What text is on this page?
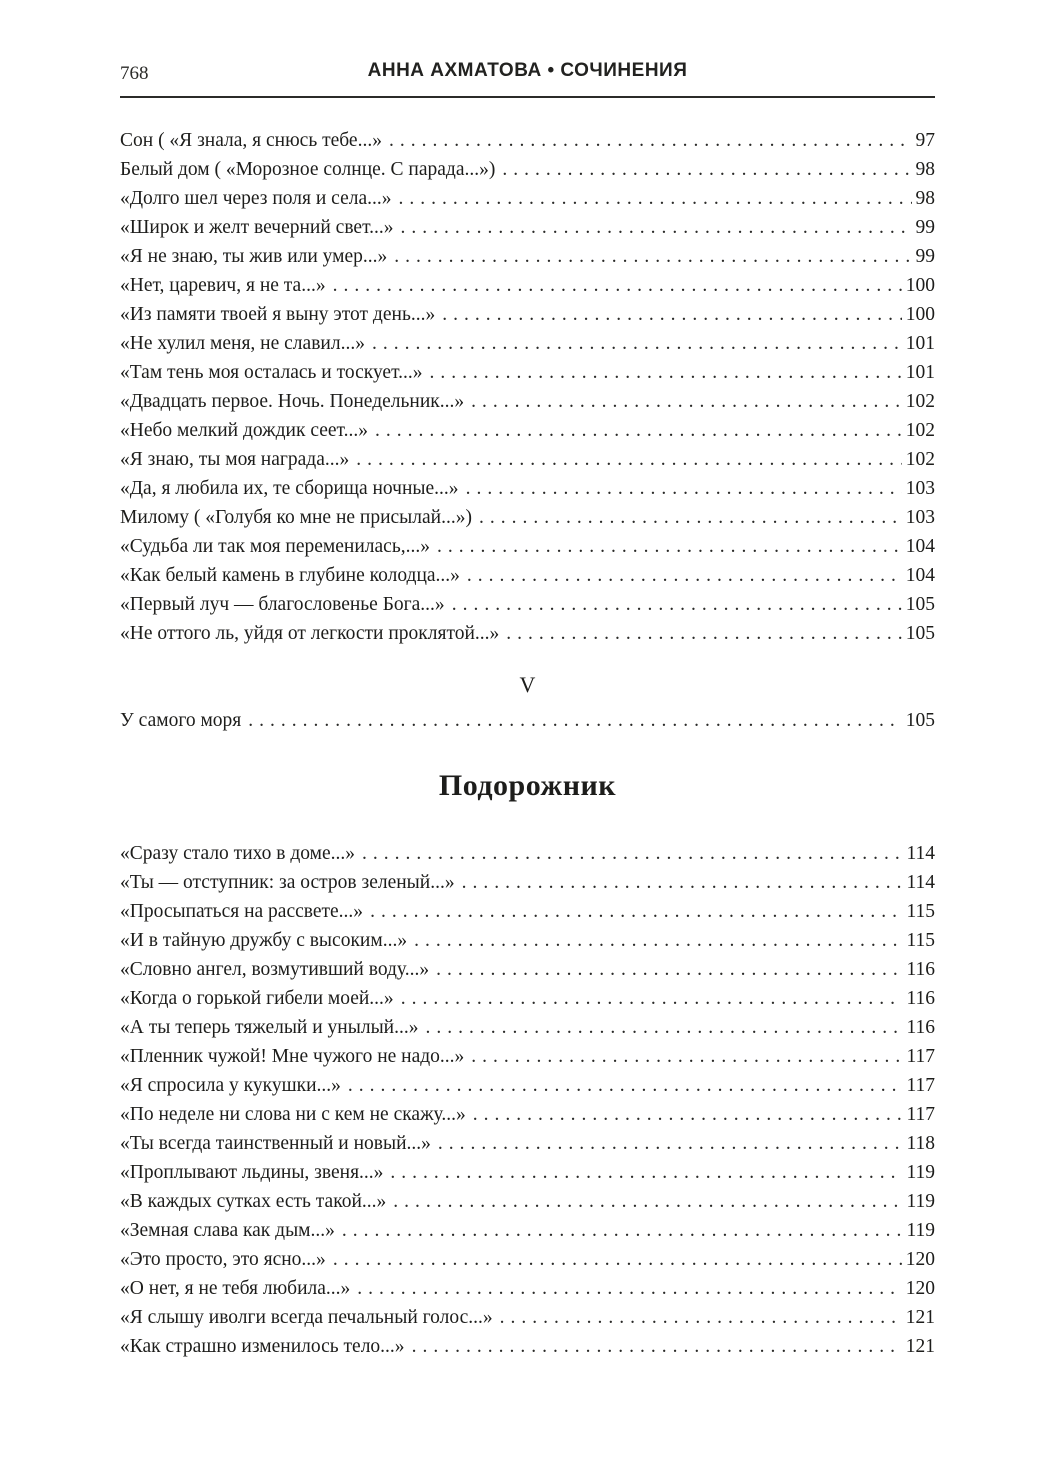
768	АННА АХМАТОВА • СОЧИНЕНИЯ
Сон ( «Я знала, я снюсь тебе...» .....	97
Белый дом ( «Морозное солнце. С парада...») .....	98
«Долго шел через поля и села...» .....	98
«Широк и желт вечерний свет...» .....	99
«Я не знаю, ты жив или умер...» .....	99
«Нет, царевич, я не та...» .....	100
«Из памяти твоей я выну этот день...» .....	100
«Не хулил меня, не славил...» .....	101
«Там тень моя осталась и тоскует...» .....	101
«Двадцать первое. Ночь. Понедельник...» .....	102
«Небо мелкий дождик сеет...» .....	102
«Я знаю, ты моя награда...» .....	102
«Да, я любила их, те сборища ночные...» .....	103
Милому ( «Голубя ко мне не присылай...») .....	103
«Судьба ли так моя переменилась,...» .....	104
«Как белый камень в глубине колодца...» .....	104
«Первый луч — благословенье Бога...» .....	105
«Не оттого ль, уйдя от легкости проклятой...» .....	105
V
У самого моря .....	105
Подорожник
«Сразу стало тихо в доме...» .....	114
«Ты — отступник: за остров зеленый...» .....	114
«Просыпаться на рассвете...» .....	115
«И в тайную дружбу с высоким...» .....	115
«Словно ангел, возмутивший воду...» .....	116
«Когда о горькой гибели моей...» .....	116
«А ты теперь тяжелый и унылый...» .....	116
«Пленник чужой! Мне чужого не надо...» .....	117
«Я спросила у кукушки...» .....	117
«По неделе ни слова ни с кем не скажу...» .....	117
«Ты всегда таинственный и новый...» .....	118
«Проплывают льдины, звеня...» .....	119
«В каждых сутках есть такой...» .....	119
«Земная слава как дым...» .....	119
«Это просто, это ясно...» .....	120
«О нет, я не тебя любила...» .....	120
«Я слышу иволги всегда печальный голос...» .....	121
«Как страшно изменилось тело...» .....	121
